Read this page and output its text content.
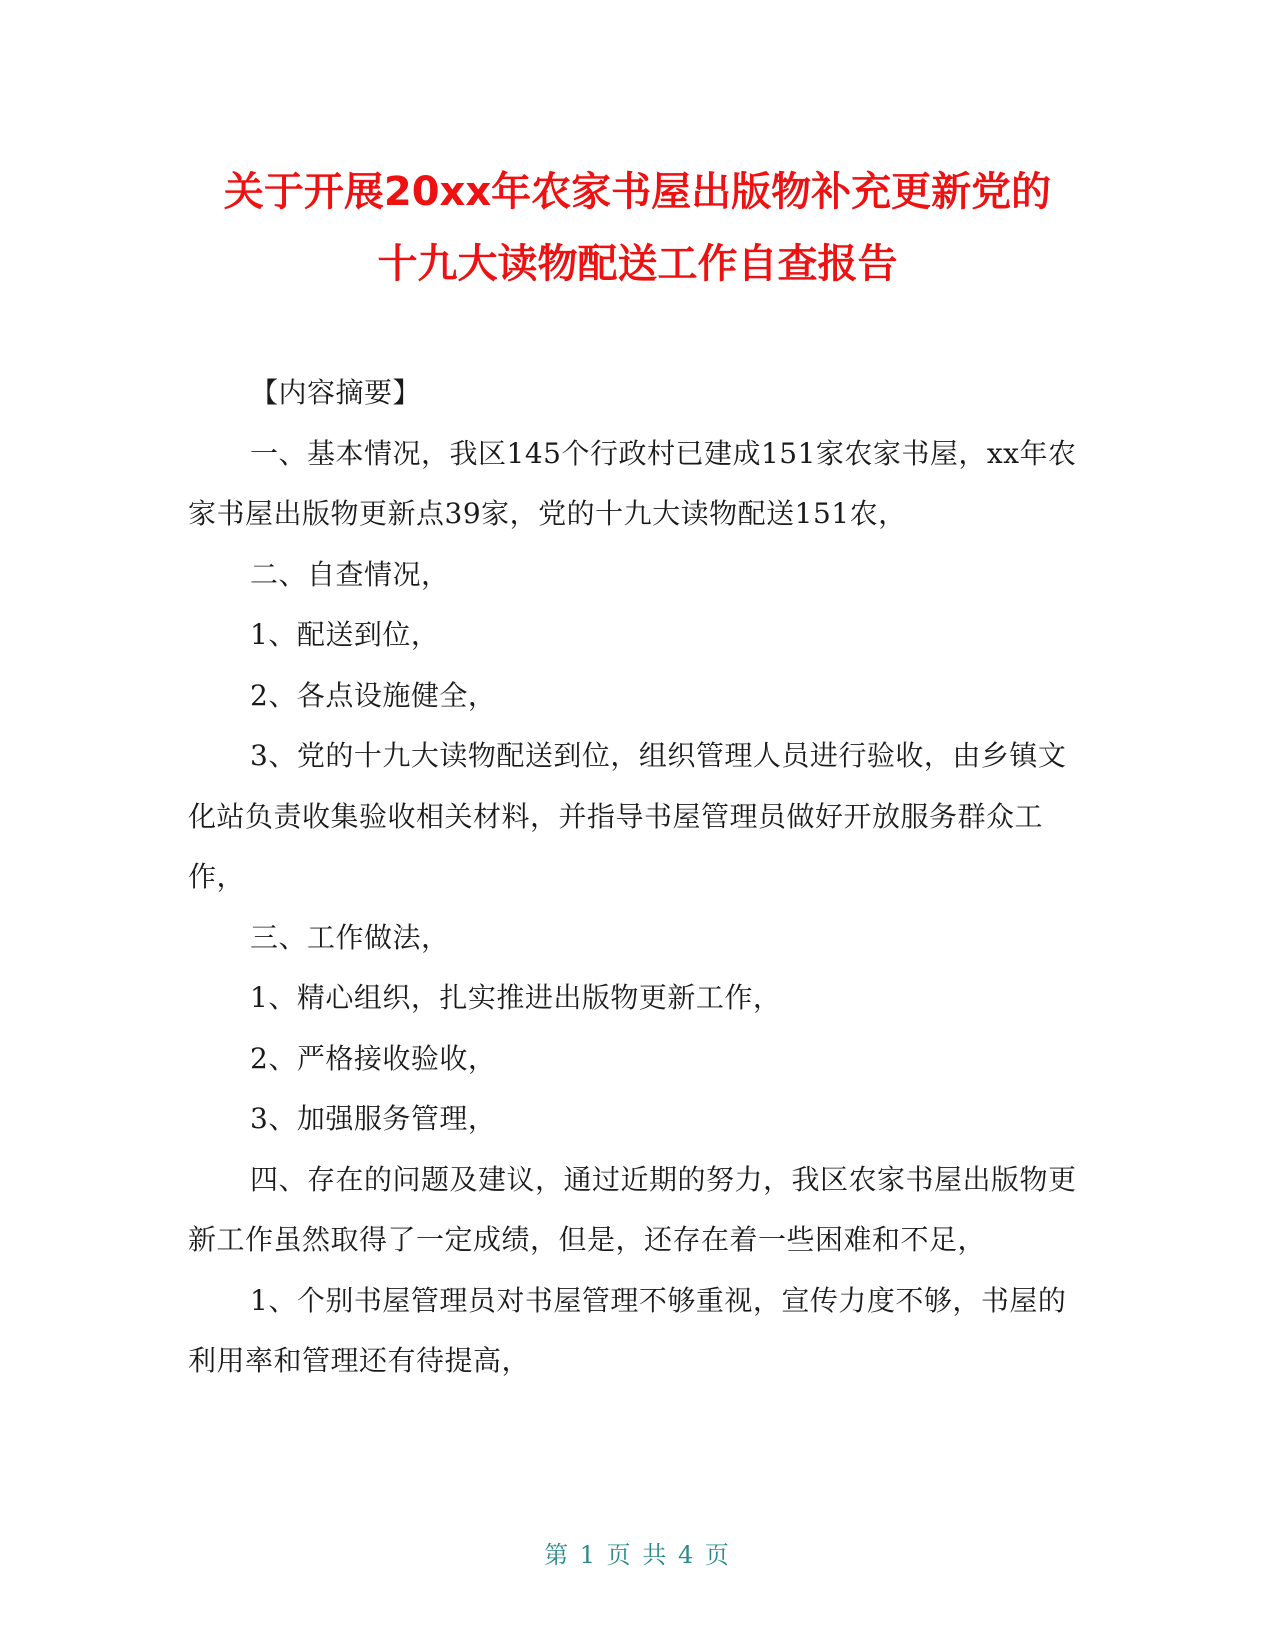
关于开展20xx年农家书屋出版物补充更新党的
十九大读物配送工作自查报告

【内容摘要】

一、基本情况，我区145个行政村已建成151家农家书屋，xx年农家书屋出版物更新点39家，党的十九大读物配送151农，

二、自查情况，

1、配送到位，

2、各点设施健全，

3、党的十九大读物配送到位，组织管理人员进行验收，由乡镇文化站负责收集验收相关材料，并指导书屋管理员做好开放服务群众工作，

三、工作做法，

1、精心组织，扎实推进出版物更新工作，

2、严格接收验收，

3、加强服务管理，

四、存在的问题及建议，通过近期的努力，我区农家书屋出版物更新工作虽然取得了一定成绩，但是，还存在着一些困难和不足，

1、个别书屋管理员对书屋管理不够重视，宣传力度不够，书屋的利用率和管理还有待提高，

第 1 页 共 4 页
